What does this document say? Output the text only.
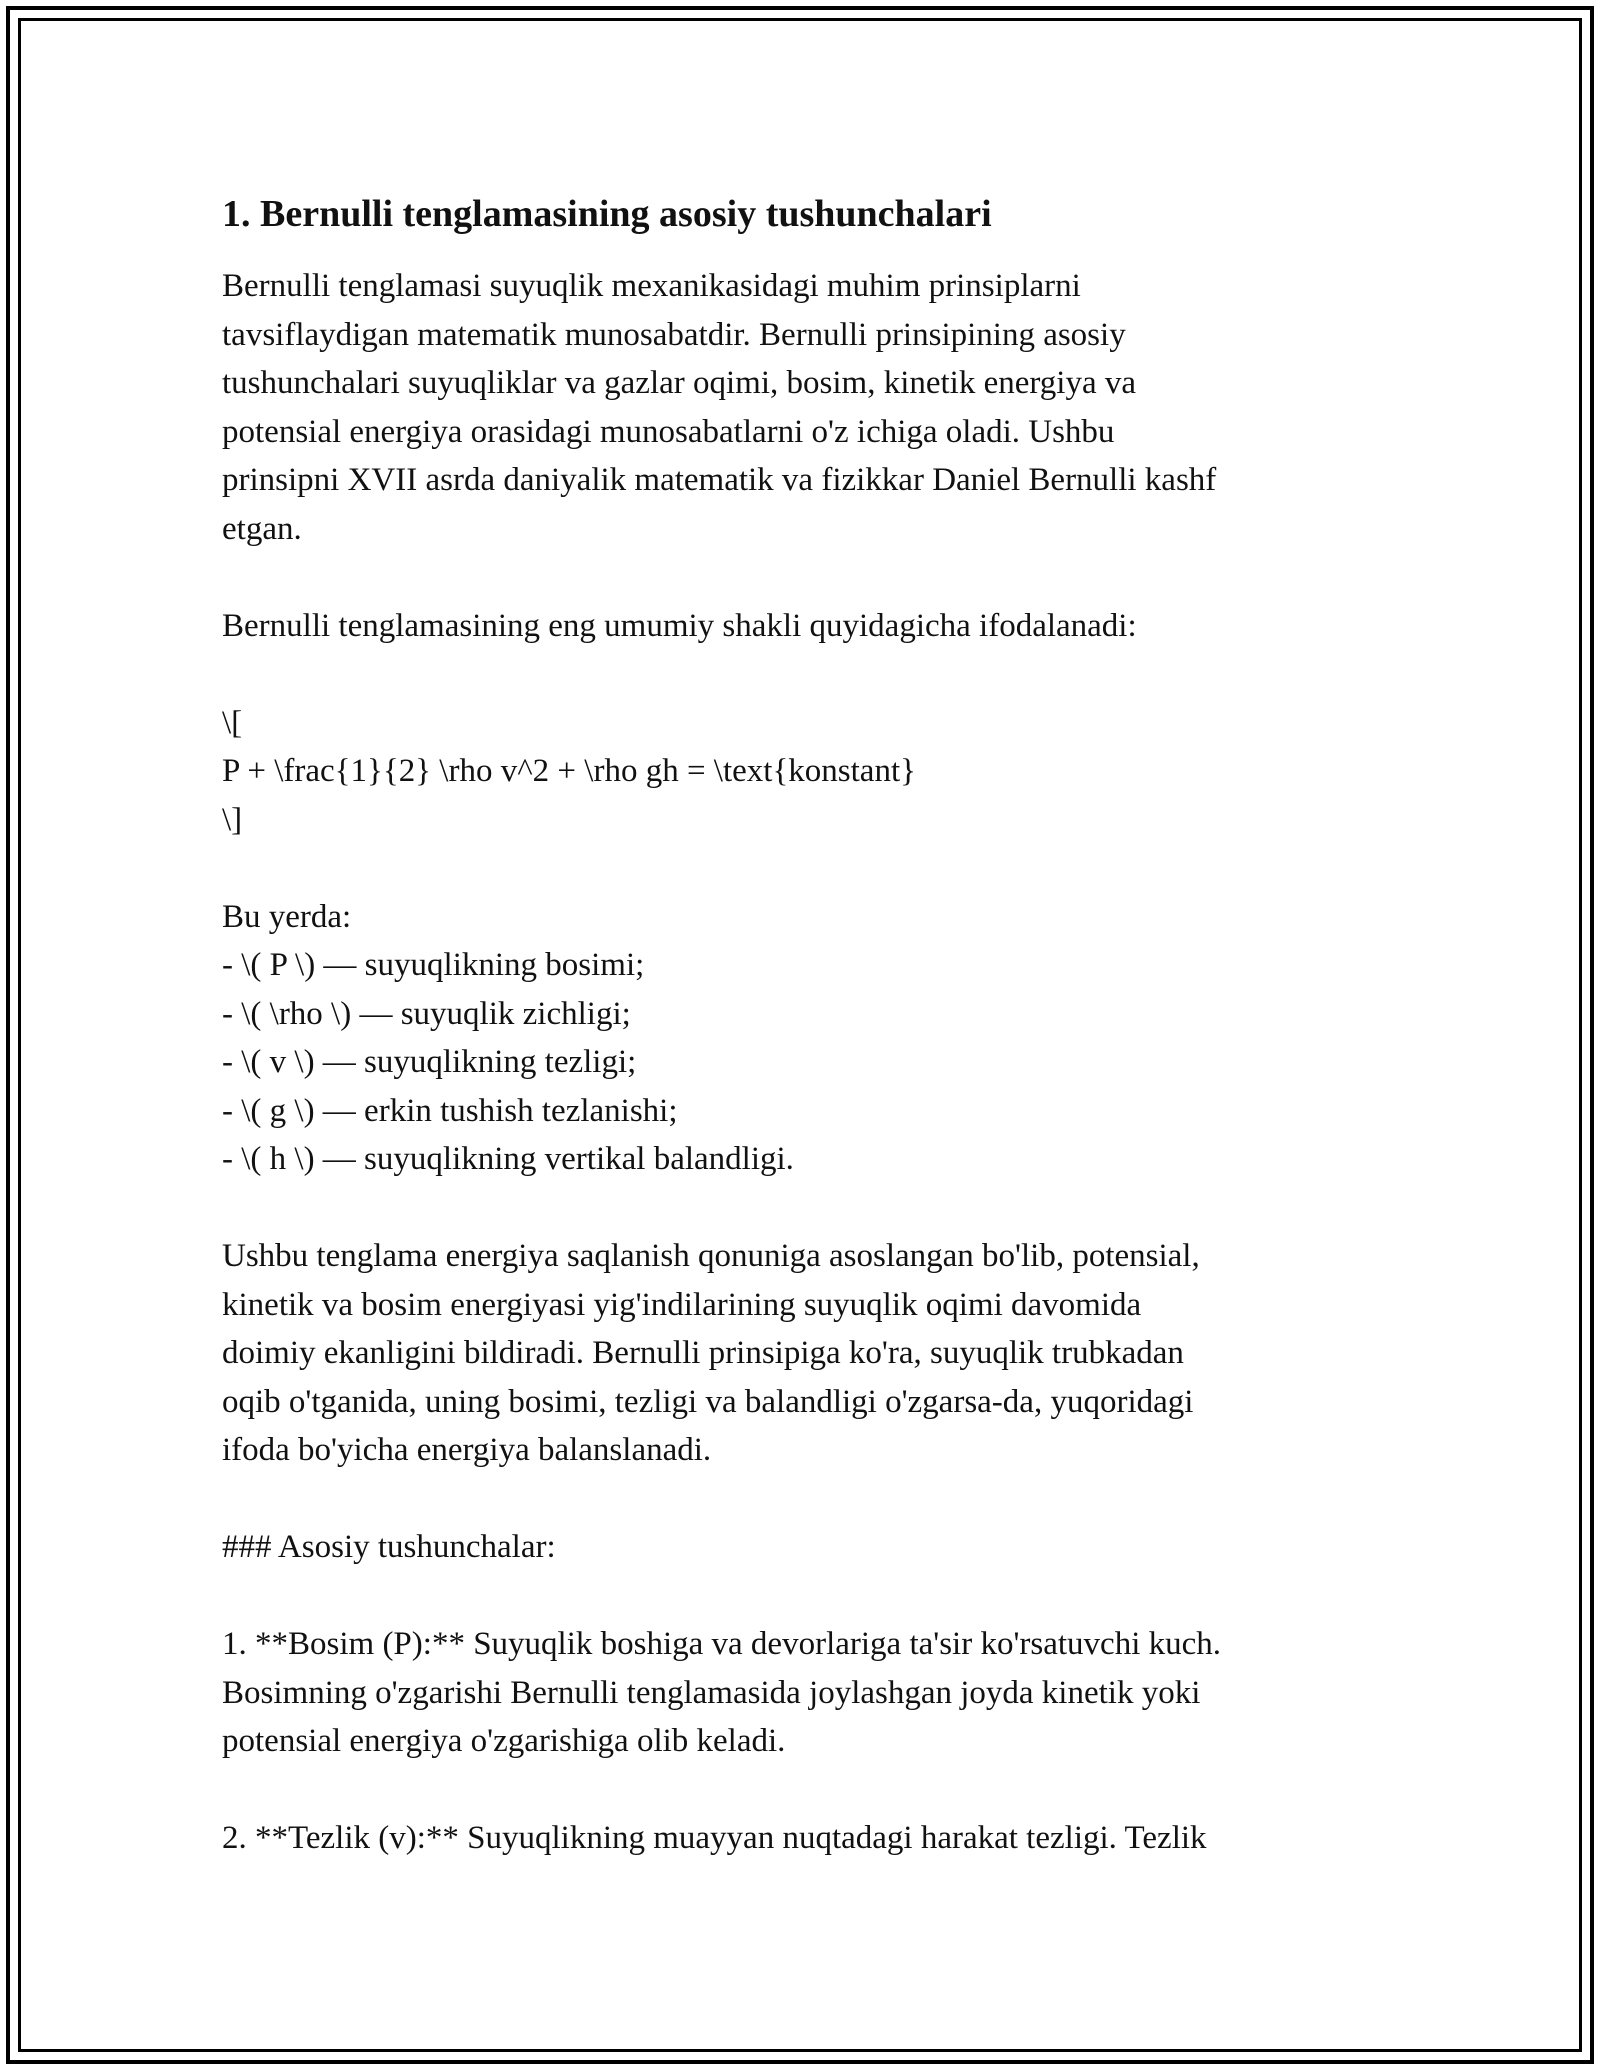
1. Bernulli tenglamasining asosiy tushunchalari
Bernulli tenglamasi suyuqlik mexanikasidagi muhim prinsiplarni
tavsiflaydigan matematik munosabatdir. Bernulli prinsipining asosiy
tushunchalari suyuqliklar va gazlar oqimi, bosim, kinetik energiya va
potensial energiya orasidagi munosabatlarni o'z ichiga oladi. Ushbu
prinsipni XVII asrda daniyalik matematik va fizikkar Daniel Bernulli kashf
etgan.
Bernulli tenglamasining eng umumiy shakli quyidagicha ifodalanadi:
\[
P + \frac{1}{2} \rho v^2 + \rho gh = \text{konstant}
\]
Bu yerda:
- \( P \) — suyuqlikning bosimi;
- \( \rho \) — suyuqlik zichligi;
- \( v \) — suyuqlikning tezligi;
- \( g \) — erkin tushish tezlanishi;
- \( h \) — suyuqlikning vertikal balandligi.
Ushbu tenglama energiya saqlanish qonuniga asoslangan bo'lib, potensial,
kinetik va bosim energiyasi yig'indilarining suyuqlik oqimi davomida
doimiy ekanligini bildiradi. Bernulli prinsipiga ko'ra, suyuqlik trubkadan
oqib o'tganida, uning bosimi, tezligi va balandligi o'zgarsa-da, yuqoridagi
ifoda bo'yicha energiya balanslanadi.
### Asosiy tushunchalar:
1. **Bosim (P):** Suyuqlik boshiga va devorlariga ta'sir ko'rsatuvchi kuch.
Bosimning o'zgarishi Bernulli tenglamasida joylashgan joyda kinetik yoki
potensial energiya o'zgarishiga olib keladi.
2. **Tezlik (v):** Suyuqlikning muayyan nuqtadagi harakat tezligi. Tezlik
